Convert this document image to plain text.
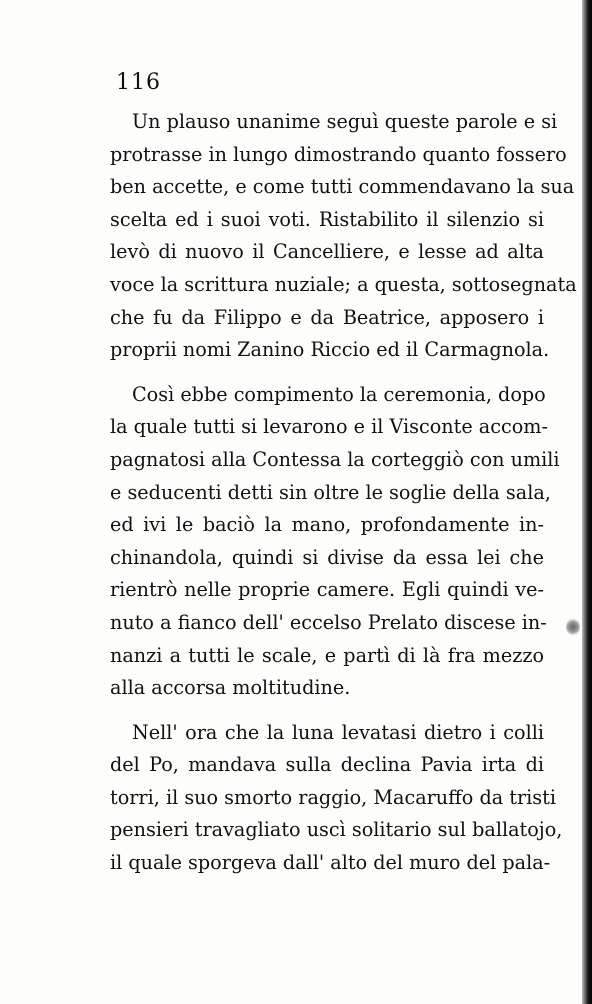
116
Un plauso unanime seguì queste parole e si
protrasse in lungo dimostrando quanto fossero
ben accette, e come tutti commendavano la sua
scelta ed i suoi voti. Ristabilito il silenzio si
levò di nuovo il Cancelliere, e lesse ad alta
voce la scrittura nuziale; a questa, sottosegnata
che fu da Filippo e da Beatrice, apposero i
proprii nomi Zanino Riccio ed il Carmagnola.
Così ebbe compimento la ceremonia, dopo
la quale tutti si levarono e il Visconte accom-
pagnatosi alla Contessa la corteggiò con umili
e seducenti detti sin oltre le soglie della sala,
ed ivi le baciò la mano, profondamente in-
chinandola, quindi si divise da essa lei che
rientrò nelle proprie camere. Egli quindi ve-
nuto a fianco dell' eccelso Prelato discese in-
nanzi a tutti le scale, e partì di là fra mezzo
alla accorsa moltitudine.
Nell' ora che la luna levatasi dietro i colli
del Po, mandava sulla declina Pavia irta di
torri, il suo smorto raggio, Macaruffo da tristi
pensieri travagliato uscì solitario sul ballatojo,
il quale sporgeva dall' alto del muro del pala-
